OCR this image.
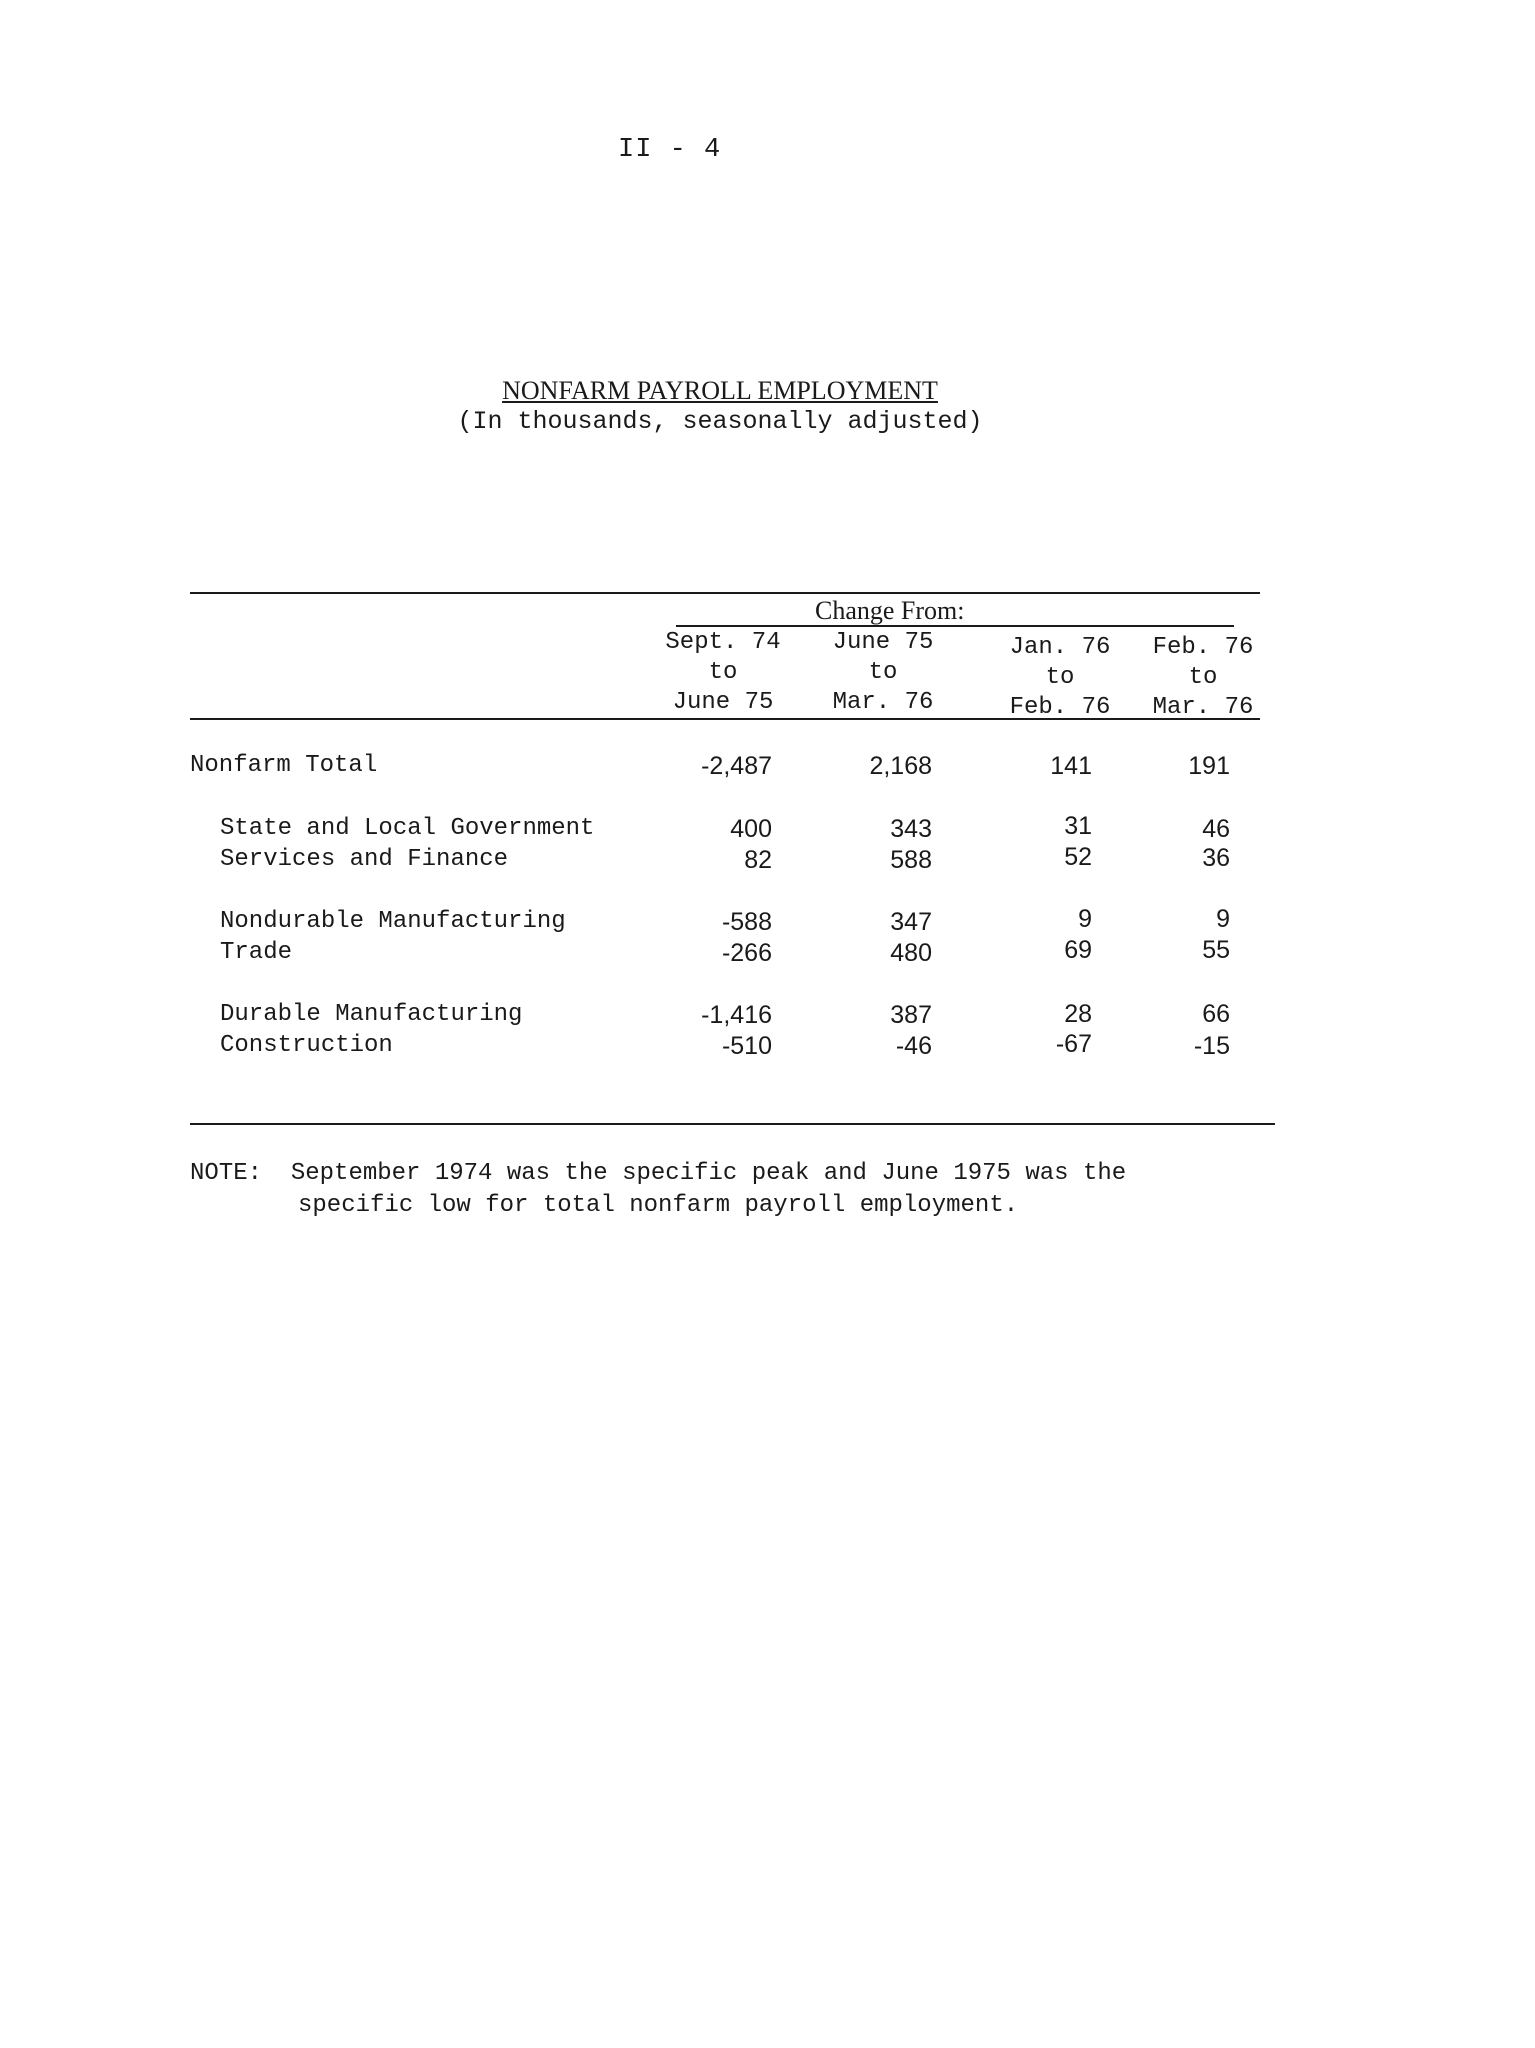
II - 4
NONFARM PAYROLL EMPLOYMENT
(In thousands, seasonally adjusted)
Change From:
Sept. 74
to
June 75
June 75
to
Mar. 76
Jan. 76
to
Feb. 76
Feb. 76
to
Mar. 76
Nonfarm Total	-2,487	2,168	141	191
State and Local Government	400	343	31	46
Services and Finance	82	588	52	36
Nondurable Manufacturing	-588	347	9	9
Trade	-266	480	69	55
Durable Manufacturing	-1,416	387	28	66
Construction	-510	-46	-67	-15
NOTE: September 1974 was the specific peak and June 1975 was the
specific low for total nonfarm payroll employment.
